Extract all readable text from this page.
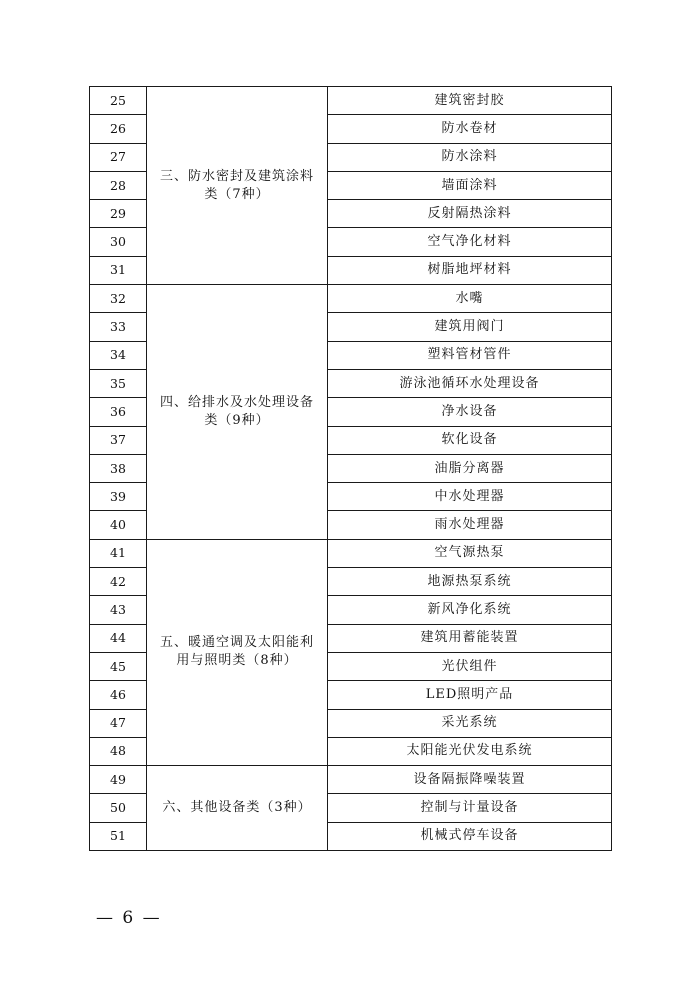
25	三、防水密封及建筑涂料类（7种）	建筑密封胶
26		防水卷材
27		防水涂料
28		墙面涂料
29		反射隔热涂料
30		空气净化材料
31		树脂地坪材料
32	四、给排水及水处理设备类（9种）	水嘴
33		建筑用阀门
34		塑料管材管件
35		游泳池循环水处理设备
36		净水设备
37		软化设备
38		油脂分离器
39		中水处理器
40		雨水处理器
41	五、暖通空调及太阳能利用与照明类（8种）	空气源热泵
42		地源热泵系统
43		新风净化系统
44		建筑用蓄能装置
45		光伏组件
46		LED照明产品
47		采光系统
48		太阳能光伏发电系统
49	六、其他设备类（3种）	设备隔振降噪装置
50		控制与计量设备
51		机械式停车设备
— 6 —
